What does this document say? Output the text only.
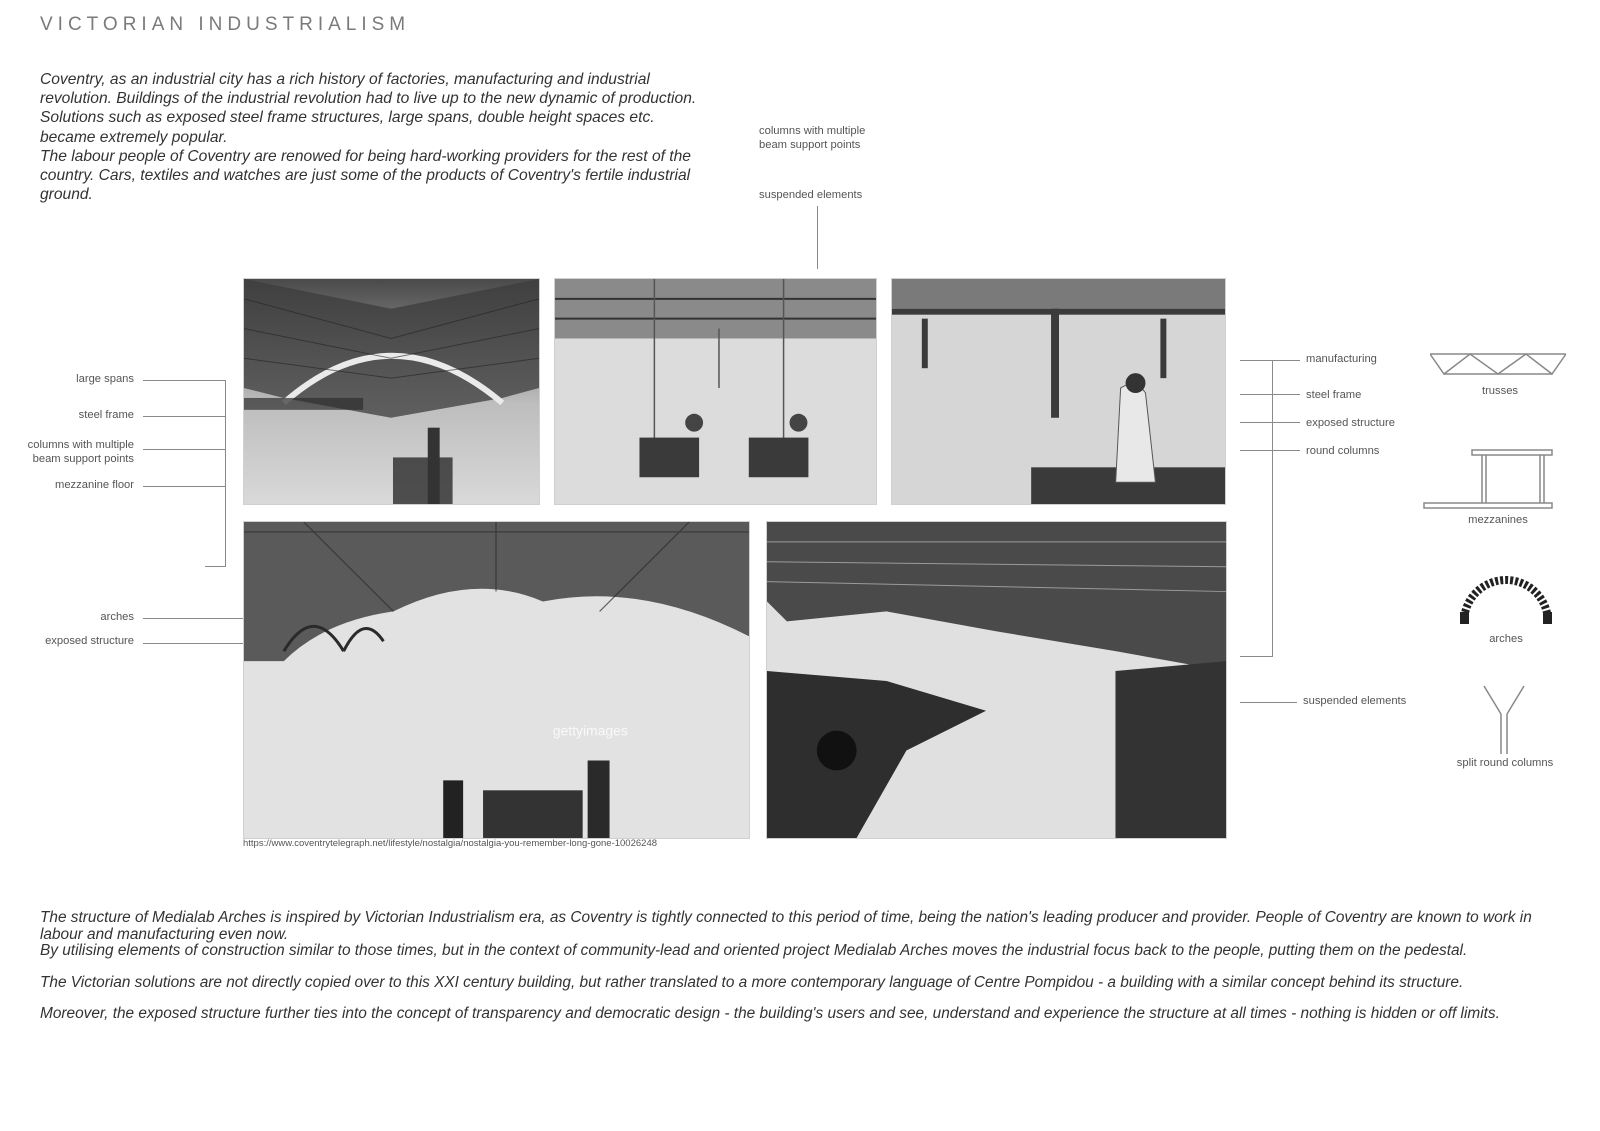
VICTORIAN INDUSTRIALISM

Coventry, as an industrial city has a rich history of factories, manufacturing and industrial revolution. Buildings of the industrial revolution had to live up to the new dynamic of production. Solutions such as exposed steel frame structures, large spans, double height spaces etc. became extremely popular.

The labour people of Coventry are renowed for being hard-working providers for the rest of the country. Cars, textiles and watches are just some of the products of Coventry's fertile industrial ground.

columns with multiple
beam support points
suspended elements
large spans
steel frame
columns with multiple
beam support points
mezzanine floor
arches
exposed structure
gettyimages
https://www.coventrytelegraph.net/lifestyle/nostalgia/nostalgia-you-remember-long-gone-10026248
manufacturing
steel frame
exposed structure
round columns
suspended elements
trusses
mezzanines
arches
split round columns

The structure of Medialab Arches is inspired by Victorian Industrialism era, as Coventry is tightly connected to this period of time, being the nation's leading producer and provider. People of Coventry are known to work in labour and manufacturing even now.
By utilising elements of construction similar to those times, but in the context of community-lead and oriented project Medialab Arches moves the industrial focus back to the people, putting them on the pedestal.

The Victorian solutions are not directly copied over to this XXI century building, but rather translated to a more contemporary language of Centre Pompidou - a building with a similar concept behind its structure.

Moreover, the exposed structure further ties into the concept of transparency and democratic design - the building's users and see, understand and experience the structure at all times - nothing is hidden or off limits.
